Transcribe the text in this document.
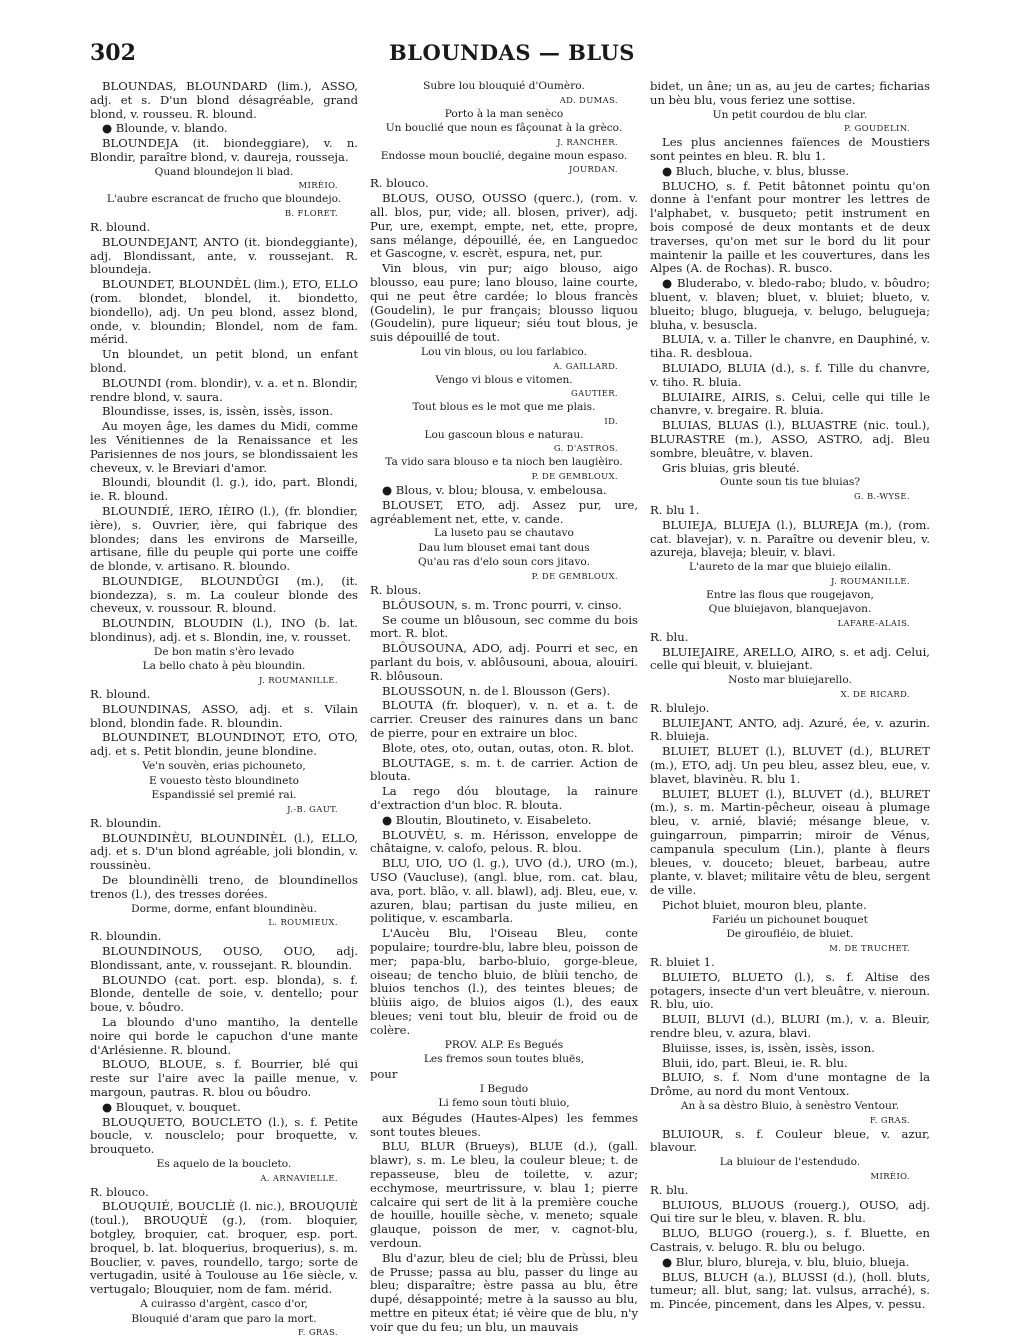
302	BLOUNDAS — BLUS

BLOUNDAS, BLOUNDARD (lim.), ASSO, adj. et s. D'un blond désagréable, grand blond, v. rousseu. R. blound.

● Blounde, v. blando.

BLOUNDEJA (it. biondeggiare), v. n. Blondir, paraître blond, v. daureja, rousseja.

Quand bloundejon li blad.
MIRÈIO.
L'aubre escrancat de frucho que bloundejo.
B. FLORET.

R. blound.

BLOUNDEJANT, ANTO (it. biondeggiante), adj. Blondissant, ante, v. roussejant. R. bloundeja.

BLOUNDET, BLOUNDÈL (lim.), ETO, ELLO (rom. blondet, blondel, it. biondetto, biondello), adj. Un peu blond, assez blond, onde, v. bloundin; Blondel, nom de fam. mérid.

Un bloundet, un petit blond, un enfant blond.

BLOUNDI (rom. blondir), v. a. et n. Blondir, rendre blond, v. saura.

Bloundisse, isses, is, issèn, issès, isson.

Au moyen âge, les dames du Midi, comme les Vénitiennes de la Renaissance et les Parisiennes de nos jours, se blondissaient les cheveux, v. le Breviari d'amor.

Bloundi, bloundit (l. g.), ido, part. Blondi, ie. R. blound.

BLOUNDIÉ, IERO, IÈIRO (l.), (fr. blondier, ière), s. Ouvrier, ière, qui fabrique des blondes; dans les environs de Marseille, artisane, fille du peuple qui porte une coiffe de blonde, v. artisano. R. bloundo.

BLOUNDIGE, BLOUNDÛGI (m.), (it. biondezza), s. m. La couleur blonde des cheveux, v. roussour. R. blound.

BLOUNDIN, BLOUDIN (l.), INO (b. lat. blondinus), adj. et s. Blondin, ine, v. rousset.

De bon matin s'èro levado
La bello chato à pèu bloundin.
J. ROUMANILLE.

R. blound.

BLOUNDINAS, ASSO, adj. et s. Vilain blond, blondin fade. R. bloundin.

BLOUNDINET, BLOUNDINOT, ETO, OTO, adj. et s. Petit blondin, jeune blondine.

Ve'n souvèn, erias pichouneto,
E vouesto tèsto bloundineto
Espandissié sel premié rai.
J.-B. GAUT.

R. bloundin.

BLOUNDINÈU, BLOUNDINÈL (l.), ELLO, adj. et s. D'un blond agréable, joli blondin, v. roussinèu.

De bloundinèlli treno, de bloundinellos trenos (l.), des tresses dorées.

Dorme, dorme, enfant bloundinèu.
L. ROUMIEUX.

R. bloundin.

BLOUNDINOUS, OUSO, OUO, adj. Blondissant, ante, v. roussejant. R. bloundin.

BLOUNDO (cat. port. esp. blonda), s. f. Blonde, dentelle de soie, v. dentello; pour boue, v. bôudro.

La bloundo d'uno mantiho, la dentelle noire qui borde le capuchon d'une mante d'Arlésienne. R. blound.

BLOUO, BLOUE, s. f. Bourrier, blé qui reste sur l'aire avec la paille menue, v. margoun, pautras. R. blou ou bôudro.

● Blouquet, v. bouquet.

BLOUQUETO, BOUCLETO (l.), s. f. Petite boucle, v. nousclelo; pour broquette, v. brouqueto.

Es aquelo de la boucleto.
A. ARNAVIELLE.

R. blouco.

BLOUQUIÉ, BOUCLIÈ (l. nic.), BROUQUIÈ (toul.), BROUQUÈ (g.), (rom. bloquier, botgley, broquier, cat. broquer, esp. port. broquel, b. lat. bloquerius, broquerius), s. m. Bouclier, v. paves, roundello, targo; sorte de vertugadin, usité à Toulouse au 16e siècle, v. vertugalo; Blouquier, nom de fam. mérid.

A cuirasso d'argènt, casco d'or,
Blouquié d'aram que paro la mort.
F. GRAS.
Subre lou blouquié d'Oumèro.
AD. DUMAS.
Porto à la man senèco
Un bouclié que noun es fâçounat à la grèco.
J. RANCHER.
Endosse moun bouclié, degaine moun espaso.
JOURDAN.

R. blouco.

BLOUS, OUSO, OUSSO (querc.), (rom. v. all. blos, pur, vide; all. blosen, priver), adj. Pur, ure, exempt, empte, net, ette, propre, sans mélange, dépouillé, ée, en Languedoc et Gascogne, v. escrèt, espura, net, pur.

Vin blous, vin pur; aigo blouso, aigo blousso, eau pure; lano blouso, laine courte, qui ne peut être cardée; lo blous francès (Goudelin), le pur français; blousso liquou (Goudelin), pure liqueur; siéu tout blous, je suis dépouillé de tout.

Lou vin blous, ou lou farlabico.
A. GAILLARD.
Vengo vi blous e vitomen.
GAUTIER.
Tout blous es le mot que me plais.
ID.
Lou gascoun blous e naturau.
G. D'ASTROS.
Ta vido sara blouso e ta nioch ben laugièiro.
P. DE GEMBLOUX.

● Blous, v. blou; blousa, v. embelousa.

BLOUSET, ETO, adj. Assez pur, ure, agréablement net, ette, v. cande.

La luseto pau se chautavo
Dau lum blouset emai tant dous
Qu'au ras d'elo soun cors jitavo.
P. DE GEMBLOUX.

R. blous.

BLÔUSOUN, s. m. Tronc pourri, v. cinso.

Se coume un blôusoun, sec comme du bois mort. R. blot.

BLÔUSOUNA, ADO, adj. Pourri et sec, en parlant du bois, v. ablôusouni, aboua, alouiri. R. blôusoun.

BLOUSSOUN, n. de l. Blousson (Gers).

BLOUTA (fr. bloquer), v. n. et a. t. de carrier. Creuser des rainures dans un banc de pierre, pour en extraire un bloc.

Blote, otes, oto, outan, outas, oton. R. blot.

BLOUTAGE, s. m. t. de carrier. Action de blouta.

La rego dóu bloutage, la rainure d'extraction d'un bloc. R. blouta.

● Bloutin, Bloutineto, v. Eisabeleto.

BLOUVÈU, s. m. Hérisson, enveloppe de châtaigne, v. calofo, pelous. R. blou.

BLU, UIO, UO (l. g.), UVO (d.), URO (m.), USO (Vaucluse), (angl. blue, rom. cat. blau, ava, port. blão, v. all. blawl), adj. Bleu, eue, v. azuren, blau; partisan du juste milieu, en politique, v. escambarla.

L'Aucèu Blu, l'Oiseau Bleu, conte populaire; tourdre-blu, labre bleu, poisson de mer; papa-blu, barbo-bluio, gorge-bleue, oiseau; de tencho bluio, de blùii tencho, de bluios tenchos (l.), des teintes bleues; de blùiis aigo, de bluios aigos (l.), des eaux bleues; veni tout blu, bleuir de froid ou de colère.

PROV. ALP. Es Begués
Les fremos soun toutes bluës,

pour

I Begudo
Li femo soun tòuti bluio,

aux Bégudes (Hautes-Alpes) les femmes sont toutes bleues.

BLU, BLUR (Brueys), BLUE (d.), (gall. blawr), s. m. Le bleu, la couleur bleue; t. de repasseuse, bleu de toilette, v. azur; ecchymose, meurtrissure, v. blau 1; pierre calcaire qui sert de lit à la première couche de houille, houille sèche, v. meneto; squale glauque, poisson de mer, v. cagnot-blu, verdoun.

Blu d'azur, bleu de ciel; blu de Prùssi, bleu de Prusse; passa au blu, passer du linge au bleu; disparaître; èstre passa au blu, être dupé, désappointé; metre à la sausso au blu, mettre en piteux état; ié vèire que de blu, n'y voir que du feu; un blu, un mauvais

bidet, un âne; un as, au jeu de cartes; ficharias un bèu blu, vous feriez une sottise.

Un petit courdou de blu clar.
P. GOUDELIN.

Les plus anciennes faïences de Moustiers sont peintes en bleu. R. blu 1.

● Bluch, bluche, v. blus, blusse.

BLUCHO, s. f. Petit bâtonnet pointu qu'on donne à l'enfant pour montrer les lettres de l'alphabet, v. busqueto; petit instrument en bois composé de deux montants et de deux traverses, qu'on met sur le bord du lit pour maintenir la paille et les couvertures, dans les Alpes (A. de Rochas). R. busco.

● Bluderabo, v. bledo-rabo; bludo, v. bôudro; bluent, v. blaven; bluet, v. bluiet; blueto, v. blueito; blugo, blugueja, v. belugo, belugueja; bluha, v. besuscla.

BLUIA, v. a. Tiller le chanvre, en Dauphiné, v. tiha. R. desbloua.

BLUIADO, BLUIA (d.), s. f. Tille du chanvre, v. tiho. R. bluia.

BLUIAIRE, AIRIS, s. Celui, celle qui tille le chanvre, v. bregaire. R. bluia.

BLUIAS, BLUAS (l.), BLUASTRE (nic. toul.), BLURASTRE (m.), ASSO, ASTRO, adj. Bleu sombre, bleuâtre, v. blaven.

Gris bluias, gris bleuté.

Ounte soun tis tue bluias?
G. B.-WYSE.

R. blu 1.

BLUIEJA, BLUEJA (l.), BLUREJA (m.), (rom. cat. blavejar), v. n. Paraître ou devenir bleu, v. azureja, blaveja; bleuir, v. blavi.

L'aureto de la mar que bluiejo eilalin.
J. ROUMANILLE.
Entre las flous que rougejavon,
Que bluiejavon, blanquejavon.
LAFARE-ALAIS.

R. blu.

BLUIEJAIRE, ARELLO, AIRO, s. et adj. Celui, celle qui bleuit, v. bluiejant.

Nosto mar bluiejarello.
X. DE RICARD.

R. blulejo.

BLUIEJANT, ANTO, adj. Azuré, ée, v. azurin. R. bluieja.

BLUIET, BLUET (l.), BLUVET (d.), BLURET (m.), ETO, adj. Un peu bleu, assez bleu, eue, v. blavet, blavinèu. R. blu 1.

BLUIET, BLUET (l.), BLUVET (d.), BLURET (m.), s. m. Martin-pêcheur, oiseau à plumage bleu, v. arnié, blavié; mésange bleue, v. guingarroun, pimparrin; miroir de Vénus, campanula speculum (Lin.), plante à fleurs bleues, v. douceto; bleuet, barbeau, autre plante, v. blavet; militaire vêtu de bleu, sergent de ville.

Pichot bluiet, mouron bleu, plante.

Fariéu un pichounet bouquet
De giroufléio, de bluiet.
M. DE TRUCHET.

R. bluiet 1.

BLUIETO, BLUETO (l.), s. f. Altise des potagers, insecte d'un vert bleuâtre, v. nieroun. R. blu, uio.

BLUII, BLUVI (d.), BLURI (m.), v. a. Bleuir, rendre bleu, v. azura, blavi.

Bluiisse, isses, is, issèn, issès, isson.

Bluii, ido, part. Bleui, ie. R. blu.

BLUIO, s. f. Nom d'une montagne de la Drôme, au nord du mont Ventoux.

An à sa dèstro Bluio, à senèstro Ventour.
F. GRAS.

BLUIOUR, s. f. Couleur bleue, v. azur, blavour.

La bluiour de l'estendudo.
MIRÈIO.

R. blu.

BLUIOUS, BLUOUS (rouerg.), OUSO, adj. Qui tire sur le bleu, v. blaven. R. blu.

BLUO, BLUGO (rouerg.), s. f. Bluette, en Castrais, v. belugo. R. blu ou belugo.

● Blur, bluro, blureja, v. blu, bluio, blueja.

BLUS, BLUCH (a.), BLUSSI (d.), (holl. bluts, tumeur; all. blut, sang; lat. vulsus, arraché), s. m. Pincée, pincement, dans les Alpes, v. pessu.
